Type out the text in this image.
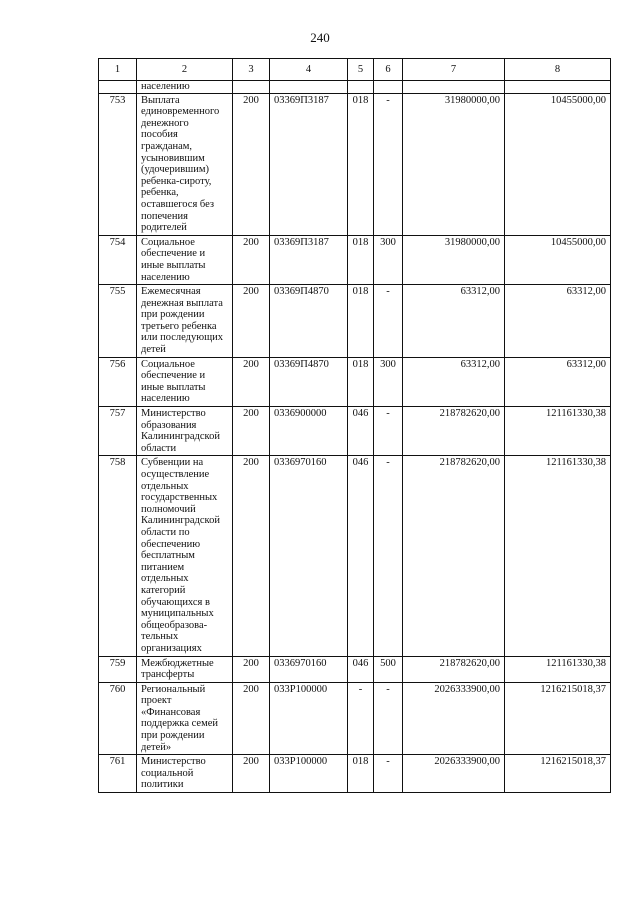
240
1	2	3	4	5	6	7	8
	населению						
753	Выплата единовременного денежного пособия гражданам, усыновившим (удочерившим) ребенка-сироту, ребенка, оставшегося без попечения родителей	200	03369П3187	018	-	31980000,00	10455000,00
754	Социальное обеспечение и иные выплаты населению	200	03369П3187	018	300	31980000,00	10455000,00
755	Ежемесячная денежная выплата при рождении третьего ребенка или последующих детей	200	03369П4870	018	-	63312,00	63312,00
756	Социальное обеспечение и иные выплаты населению	200	03369П4870	018	300	63312,00	63312,00
757	Министерство образования Калининградской области	200	0336900000	046	-	218782620,00	121161330,38
758	Субвенции на осуществление отдельных государственных полномочий Калининградской области по обеспечению бесплатным питанием отдельных категорий обучающихся в муниципальных общеобразова-тельных организациях	200	0336970160	046	-	218782620,00	121161330,38
759	Межбюджетные трансферты	200	0336970160	046	500	218782620,00	121161330,38
760	Региональный проект «Финансовая поддержка семей при рождении детей»	200	033P100000	-	-	2026333900,00	1216215018,37
761	Министерство социальной политики	200	033P100000	018	-	2026333900,00	1216215018,37
